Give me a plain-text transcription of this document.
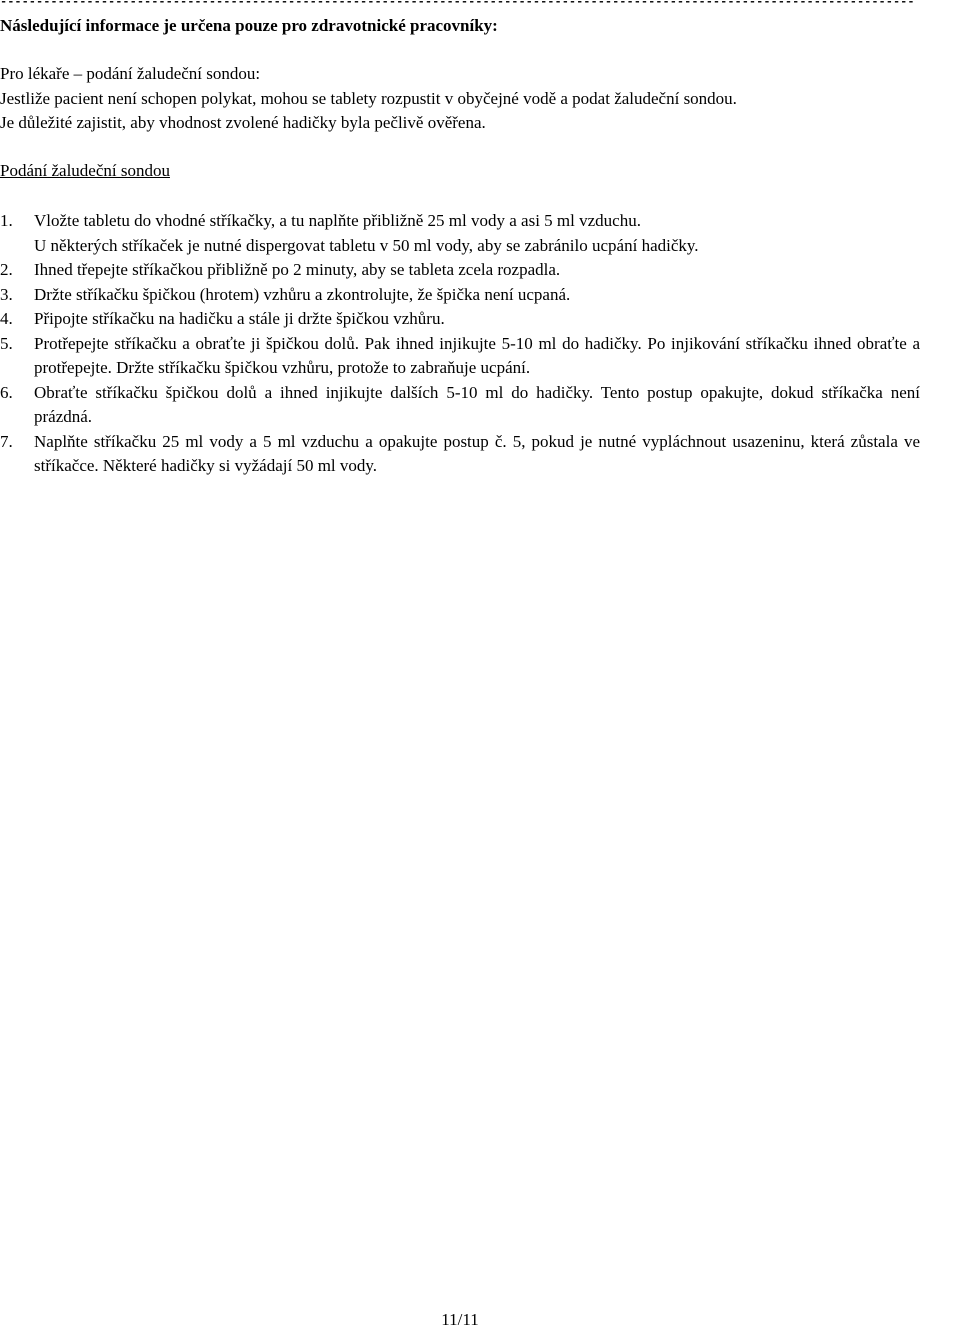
-------------------------------------------------------------------------------------------------------------------------------

Následující informace je určena pouze pro zdravotnické pracovníky:

Pro lékaře – podání žaludeční sondou:

Jestliže pacient není schopen polykat, mohou se tablety rozpustit v obyčejné vodě a podat žaludeční sondou.

Je důležité zajistit, aby vhodnost zvolené hadičky byla pečlivě ověřena.

Podání žaludeční sondou

1. Vložte tabletu do vhodné stříkačky, a tu naplňte přibližně 25 ml vody a asi 5 ml vzduchu.
U některých stříkaček je nutné dispergovat tabletu v 50 ml vody, aby se zabránilo ucpání hadičky.
2. Ihned třepejte stříkačkou přibližně po 2 minuty, aby se tableta zcela rozpadla.
3. Držte stříkačku špičkou (hrotem) vzhůru a zkontrolujte, že špička není ucpaná.
4. Připojte stříkačku na hadičku a stále ji držte špičkou vzhůru.
5. Protřepejte stříkačku a obraťte ji špičkou dolů. Pak ihned injikujte 5-10 ml do hadičky. Po injikování stříkačku ihned obraťte a protřepejte. Držte stříkačku špičkou vzhůru, protože to zabraňuje ucpání.
6. Obraťte stříkačku špičkou dolů a ihned injikujte dalších 5-10 ml do hadičky. Tento postup opakujte, dokud stříkačka není prázdná.
7. Naplňte stříkačku 25 ml vody a 5 ml vzduchu a opakujte postup č. 5, pokud je nutné vypláchnout usazeninu, která zůstala ve stříkačce. Některé hadičky si vyžádají 50 ml vody.
11/11
